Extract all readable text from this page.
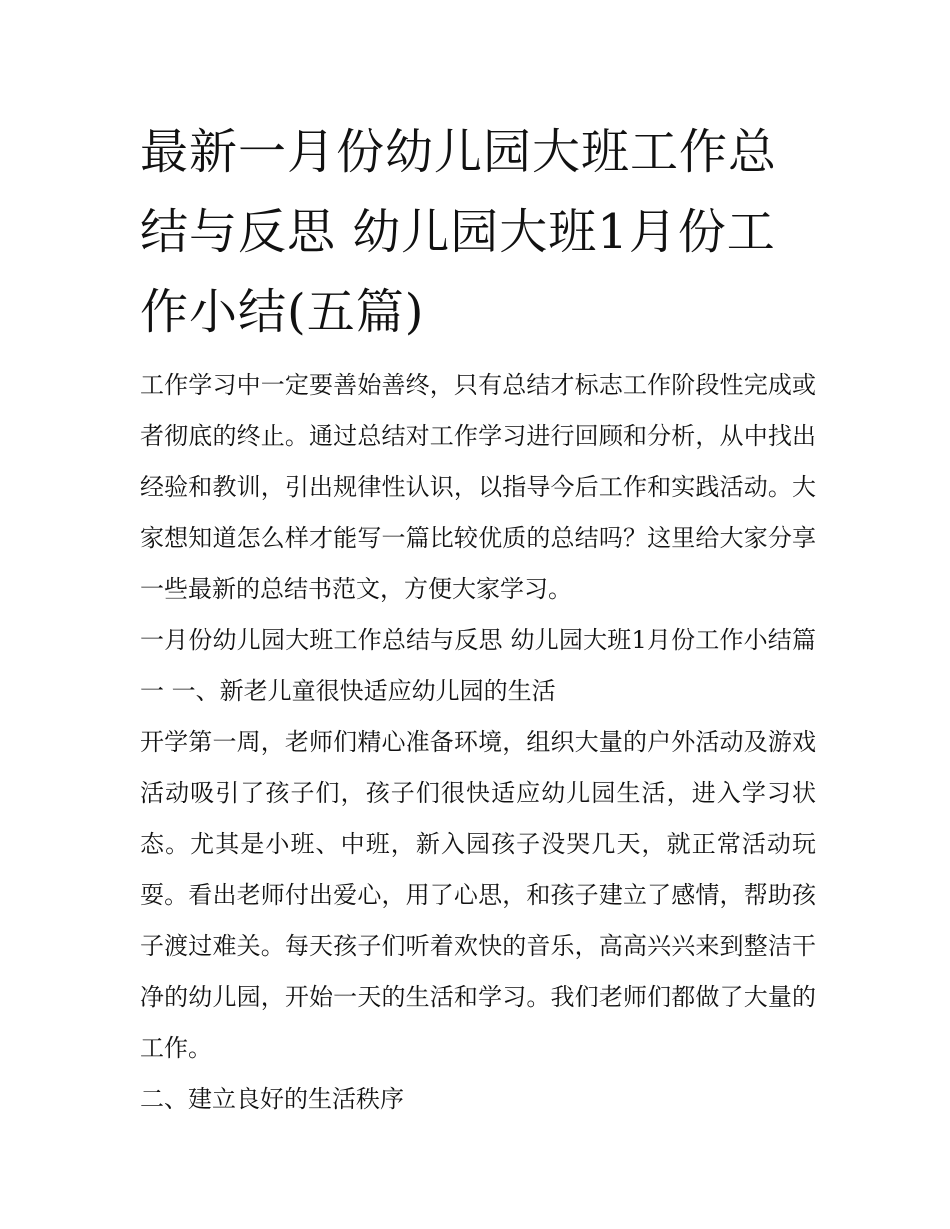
最新一月份幼儿园大班工作总结与反思 幼儿园大班1月份工作小结(五篇)

工作学习中一定要善始善终，只有总结才标志工作阶段性完成或者彻底的终止。通过总结对工作学习进行回顾和分析，从中找出经验和教训，引出规律性认识，以指导今后工作和实践活动。大家想知道怎么样才能写一篇比较优质的总结吗？这里给大家分享一些最新的总结书范文，方便大家学习。

一月份幼儿园大班工作总结与反思 幼儿园大班1月份工作小结篇一 一、新老儿童很快适应幼儿园的生活

开学第一周，老师们精心准备环境，组织大量的户外活动及游戏活动吸引了孩子们，孩子们很快适应幼儿园生活，进入学习状态。尤其是小班、中班，新入园孩子没哭几天，就正常活动玩耍。看出老师付出爱心，用了心思，和孩子建立了感情，帮助孩子渡过难关。每天孩子们听着欢快的音乐，高高兴兴来到整洁干净的幼儿园，开始一天的生活和学习。我们老师们都做了大量的工作。

二、建立良好的生活秩序
